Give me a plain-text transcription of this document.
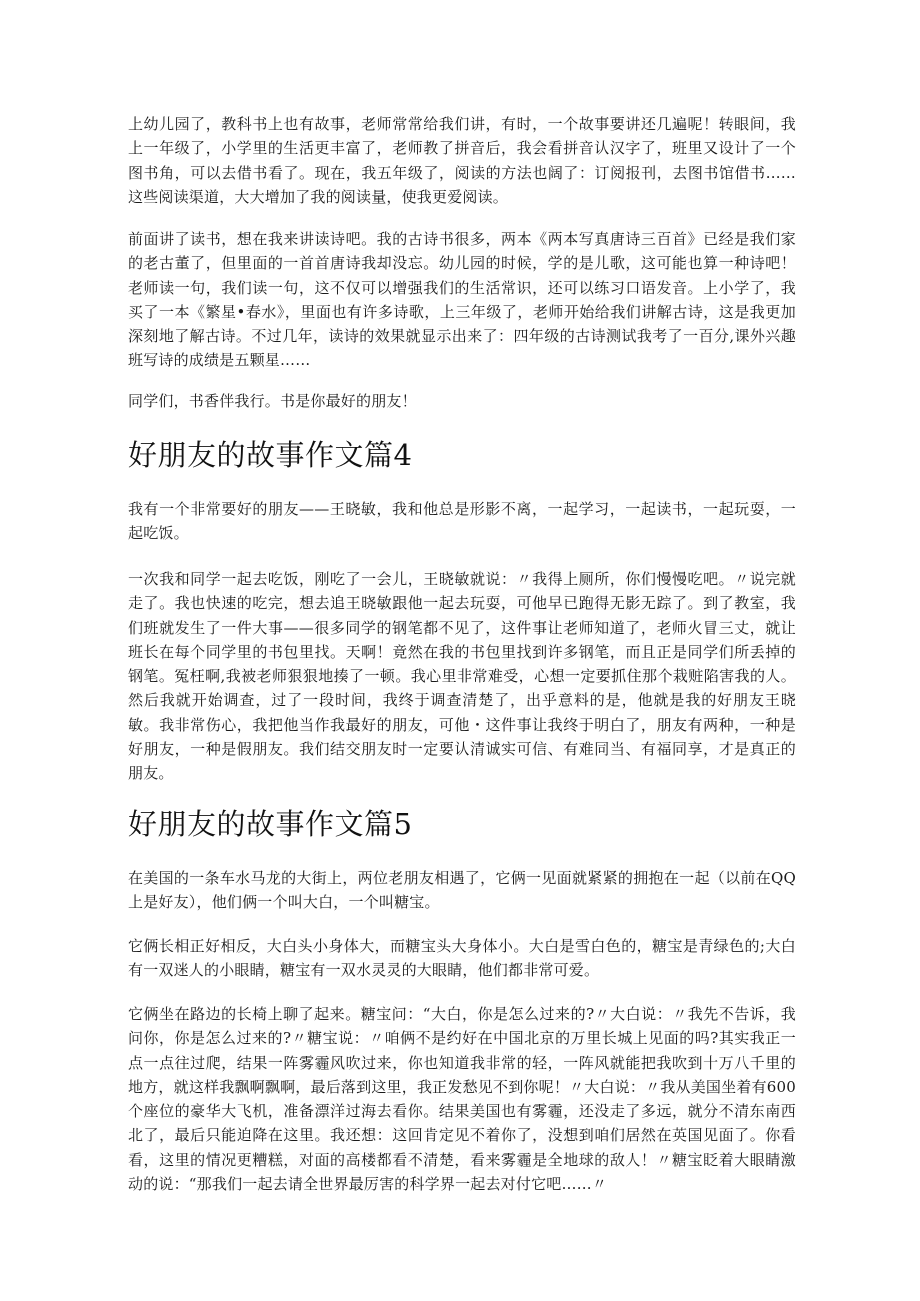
上幼儿园了，教科书上也有故事，老师常常给我们讲，有时，一个故事要讲还几遍呢！转眼间，我上一年级了，小学里的生活更丰富了，老师教了拼音后，我会看拼音认汉字了，班里又设计了一个图书角，可以去借书看了。现在，我五年级了，阅读的方法也阔了：订阅报刊，去图书馆借书……这些阅读渠道，大大增加了我的阅读量，使我更爱阅读。

前面讲了读书，想在我来讲读诗吧。我的古诗书很多，两本《两本写真唐诗三百首》已经是我们家的老古董了，但里面的一首首唐诗我却没忘。幼儿园的时候，学的是儿歌，这可能也算一种诗吧！老师读一句，我们读一句，这不仅可以增强我们的生活常识，还可以练习口语发音。上小学了，我买了一本《繁星•春水》，里面也有许多诗歌，上三年级了，老师开始给我们讲解古诗，这是我更加深刻地了解古诗。不过几年，读诗的效果就显示出来了：四年级的古诗测试我考了一百分,课外兴趣班写诗的成绩是五颗星……

同学们，书香伴我行。书是你最好的朋友！

好朋友的故事作文篇4

我有一个非常要好的朋友——王晓敏，我和他总是形影不离，一起学习，一起读书，一起玩耍，一起吃饭。

一次我和同学一起去吃饭，刚吃了一会儿，王晓敏就说：〃我得上厕所，你们慢慢吃吧。〃说完就走了。我也快速的吃完，想去追王晓敏跟他一起去玩耍，可他早已跑得无影无踪了。到了教室，我们班就发生了一件大事——很多同学的钢笔都不见了，这件事让老师知道了，老师火冒三丈，就让班长在每个同学里的书包里找。天啊！竟然在我的书包里找到许多钢笔，而且正是同学们所丢掉的钢笔。冤枉啊,我被老师狠狠地揍了一顿。我心里非常难受，心想一定要抓住那个栽赃陷害我的人。然后我就开始调查，过了一段时间，我终于调查清楚了，出乎意料的是，他就是我的好朋友王晓敏。我非常伤心，我把他当作我最好的朋友，可他・这件事让我终于明白了，朋友有两种，一种是好朋友，一种是假朋友。我们结交朋友时一定要认清诚实可信、有难同当、有福同享，才是真正的朋友。

好朋友的故事作文篇5

在美国的一条车水马龙的大街上，两位老朋友相遇了，它俩一见面就紧紧的拥抱在一起（以前在QQ上是好友），他们俩一个叫大白，一个叫糖宝。

它俩长相正好相反，大白头小身体大，而糖宝头大身体小。大白是雪白色的，糖宝是青绿色的;大白有一双迷人的小眼睛，糖宝有一双水灵灵的大眼睛，他们都非常可爱。

它俩坐在路边的长椅上聊了起来。糖宝问：“大白，你是怎么过来的?〃大白说：〃我先不告诉，我问你，你是怎么过来的?〃糖宝说：〃咱俩不是约好在中国北京的万里长城上见面的吗?其实我正一点一点往过爬，结果一阵雾霾风吹过来，你也知道我非常的轻，一阵风就能把我吹到十万八千里的地方，就这样我飘啊飘啊，最后落到这里，我正发愁见不到你呢！〃大白说：〃我从美国坐着有600个座位的豪华大飞机，准备漂洋过海去看你。结果美国也有雾霾，还没走了多远，就分不清东南西北了，最后只能迫降在这里。我还想：这回肯定见不着你了，没想到咱们居然在英国见面了。你看看，这里的情况更糟糕，对面的高楼都看不清楚，看来雾霾是全地球的敌人！〃糖宝眨着大眼睛激动的说：“那我们一起去请全世界最厉害的科学界一起去对付它吧……〃
